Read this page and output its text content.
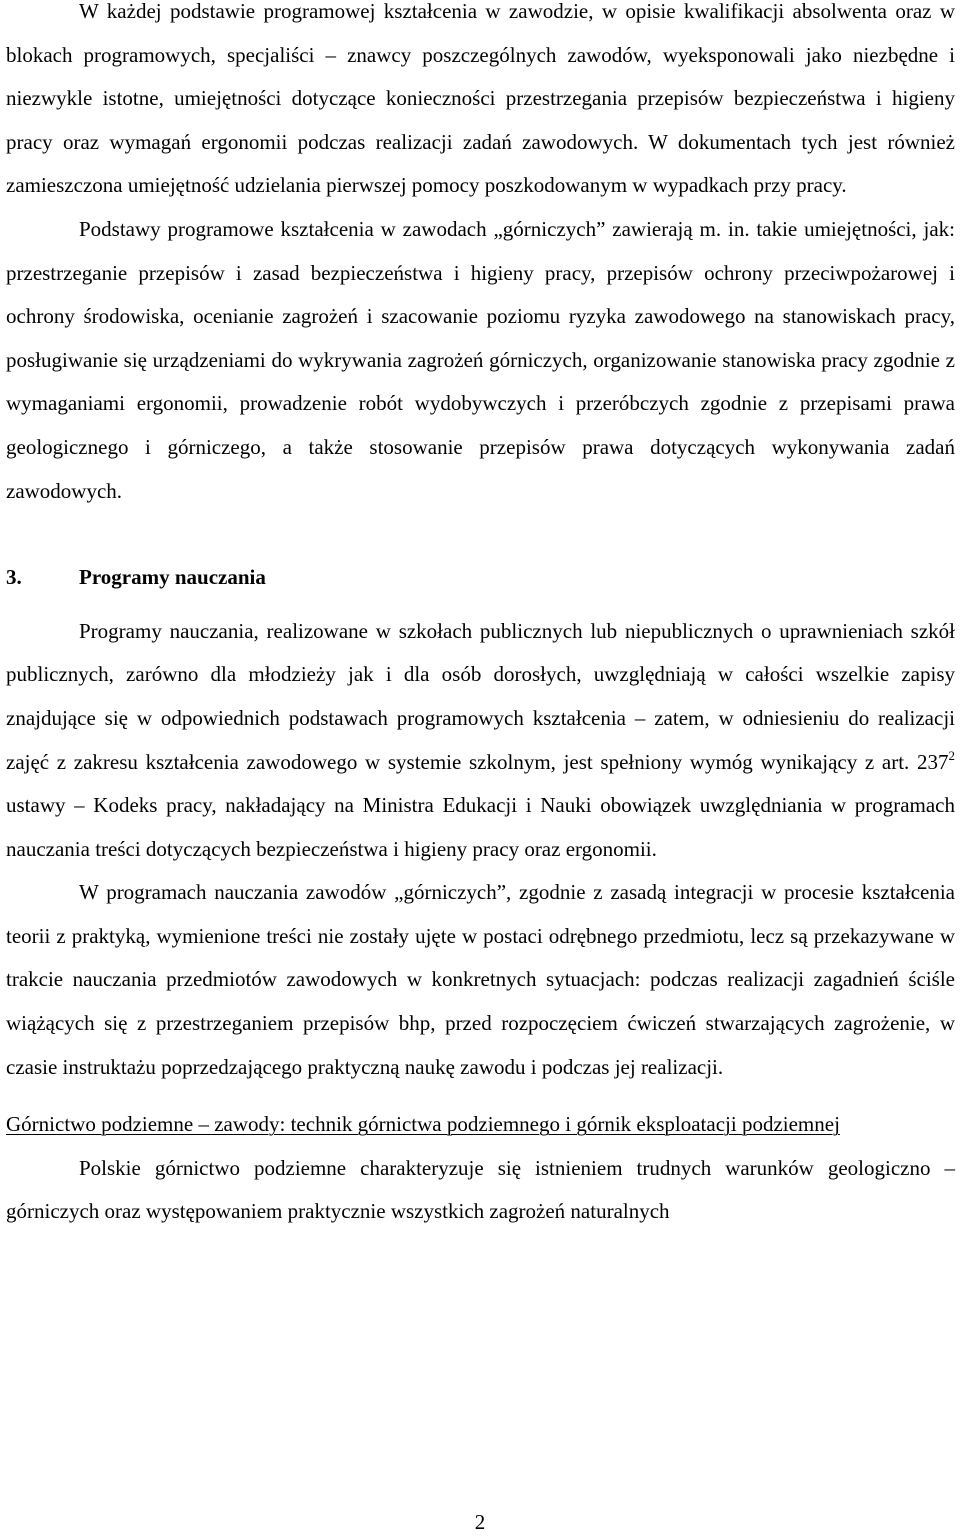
W każdej podstawie programowej kształcenia w zawodzie, w opisie kwalifikacji absolwenta oraz w blokach programowych, specjaliści – znawcy poszczególnych zawodów, wyeksponowali jako niezbędne i niezwykle istotne, umiejętności dotyczące konieczności przestrzegania przepisów bezpieczeństwa i higieny pracy oraz wymagań ergonomii podczas realizacji zadań zawodowych. W dokumentach tych jest również zamieszczona umiejętność udzielania pierwszej pomocy poszkodowanym w wypadkach przy pracy.

Podstawy programowe kształcenia w zawodach „górniczych” zawierają m. in. takie umiejętności, jak: przestrzeganie przepisów i zasad bezpieczeństwa i higieny pracy, przepisów ochrony przeciwpożarowej i ochrony środowiska, ocenianie zagrożeń i szacowanie poziomu ryzyka zawodowego na stanowiskach pracy, posługiwanie się urządzeniami do wykrywania zagrożeń górniczych, organizowanie stanowiska pracy zgodnie z wymaganiami ergonomii, prowadzenie robót wydobywczych i przeróbczych zgodnie z przepisami prawa geologicznego i górniczego, a także stosowanie przepisów prawa dotyczących wykonywania zadań zawodowych.

3.	Programy nauczania

Programy nauczania, realizowane w szkołach publicznych lub niepublicznych o uprawnieniach szkół publicznych, zarówno dla młodzieży jak i dla osób dorosłych, uwzględniają w całości wszelkie zapisy znajdujące się w odpowiednich podstawach programowych kształcenia – zatem, w odniesieniu do realizacji zajęć z zakresu kształcenia zawodowego w systemie szkolnym, jest spełniony wymóg wynikający z art. $237^2$ ustawy – Kodeks pracy, nakładający na Ministra Edukacji i Nauki obowiązek uwzględniania w programach nauczania treści dotyczących bezpieczeństwa i higieny pracy oraz ergonomii.

W programach nauczania zawodów „górniczych”, zgodnie z zasadą integracji w procesie kształcenia teorii z praktyką, wymienione treści nie zostały ujęte w postaci odrębnego przedmiotu, lecz są przekazywane w trakcie nauczania przedmiotów zawodowych w konkretnych sytuacjach: podczas realizacji zagadnień ściśle wiążących się z przestrzeganiem przepisów bhp, przed rozpoczęciem ćwiczeń stwarzających zagrożenie, w czasie instruktażu poprzedzającego praktyczną naukę zawodu i podczas jej realizacji.

Górnictwo podziemne – zawody: technik górnictwa podziemnego i górnik eksploatacji podziemnej

Polskie górnictwo podziemne charakteryzuje się istnieniem trudnych warunków geologiczno – górniczych oraz występowaniem praktycznie wszystkich zagrożeń naturalnych

2
